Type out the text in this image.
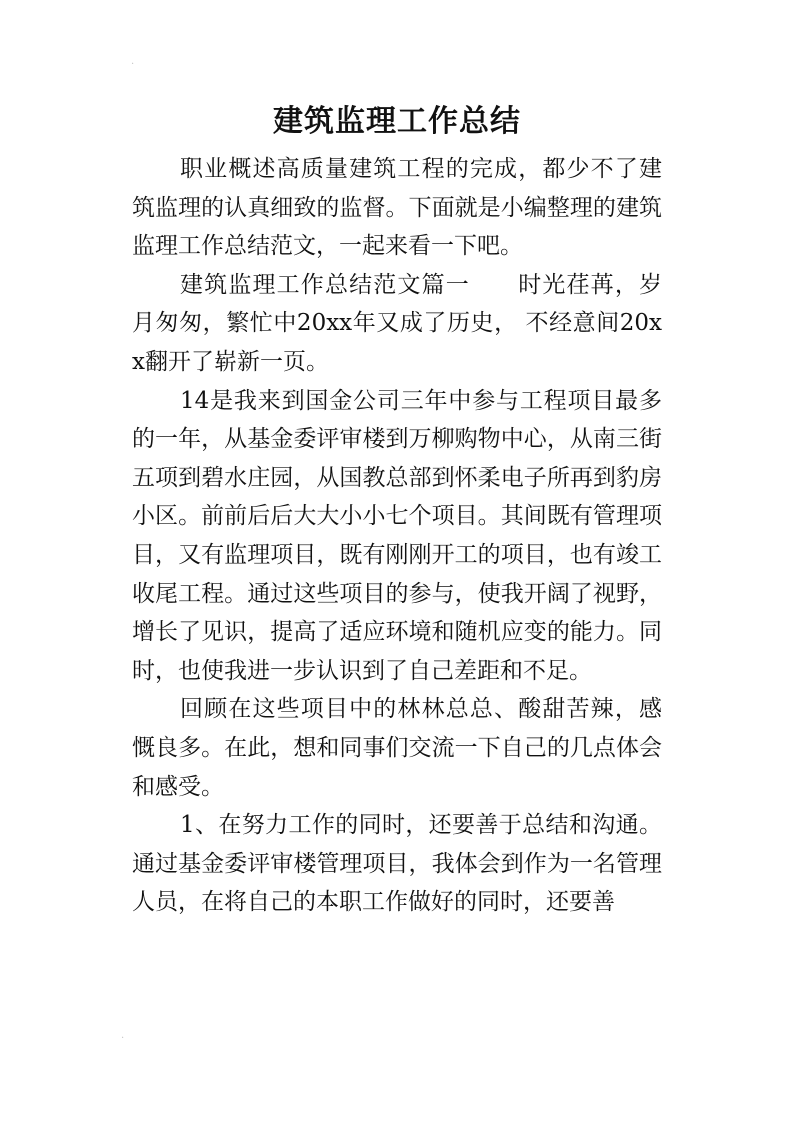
·
建筑监理工作总结

职业概述高质量建筑工程的完成，都少不了建筑监理的认真细致的监督。下面就是小编整理的建筑监理工作总结范文，一起来看一下吧。

建筑监理工作总结范文篇一　　时光荏苒，岁月匆匆，繁忙中20xx年又成了历史， 不经意间20xx翻开了崭新一页。

14是我来到国金公司三年中参与工程项目最多的一年，从基金委评审楼到万柳购物中心，从南三街五项到碧水庄园，从国教总部到怀柔电子所再到豹房小区。前前后后大大小小七个项目。其间既有管理项目，又有监理项目，既有刚刚开工的项目，也有竣工收尾工程。通过这些项目的参与，使我开阔了视野，增长了见识，提高了适应环境和随机应变的能力。同时，也使我进一步认识到了自己差距和不足。

回顾在这些项目中的林林总总、酸甜苦辣，感慨良多。在此，想和同事们交流一下自己的几点体会和感受。

1、在努力工作的同时，还要善于总结和沟通。通过基金委评审楼管理项目，我体会到作为一名管理人员，在将自己的本职工作做好的同时，还要善

·
